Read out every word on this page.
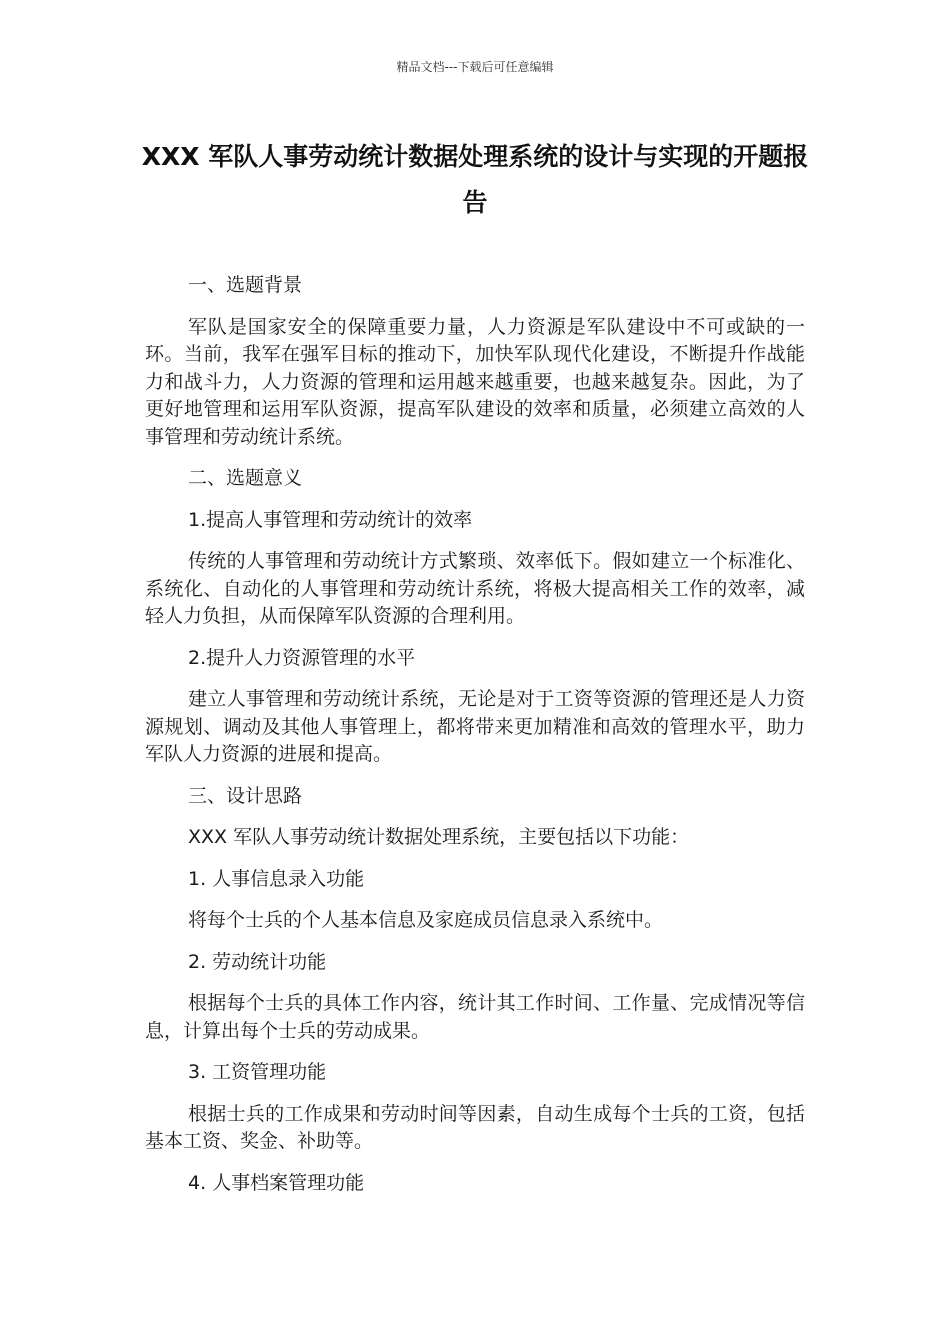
精品文档---下载后可任意编辑
XXX 军队人事劳动统计数据处理系统的设计与实现的开题报告

一、选题背景

军队是国家安全的保障重要力量，人力资源是军队建设中不可或缺的一环。当前，我军在强军目标的推动下，加快军队现代化建设，不断提升作战能力和战斗力，人力资源的管理和运用越来越重要，也越来越复杂。因此，为了更好地管理和运用军队资源，提高军队建设的效率和质量，必须建立高效的人事管理和劳动统计系统。

二、选题意义

1.提高人事管理和劳动统计的效率

传统的人事管理和劳动统计方式繁琐、效率低下。假如建立一个标准化、系统化、自动化的人事管理和劳动统计系统，将极大提高相关工作的效率，减轻人力负担，从而保障军队资源的合理利用。

2.提升人力资源管理的水平

建立人事管理和劳动统计系统，无论是对于工资等资源的管理还是人力资源规划、调动及其他人事管理上，都将带来更加精准和高效的管理水平，助力军队人力资源的进展和提高。

三、设计思路

XXX 军队人事劳动统计数据处理系统，主要包括以下功能：

1. 人事信息录入功能

将每个士兵的个人基本信息及家庭成员信息录入系统中。

2. 劳动统计功能

根据每个士兵的具体工作内容，统计其工作时间、工作量、完成情况等信息，计算出每个士兵的劳动成果。

3. 工资管理功能

根据士兵的工作成果和劳动时间等因素，自动生成每个士兵的工资，包括基本工资、奖金、补助等。

4. 人事档案管理功能
